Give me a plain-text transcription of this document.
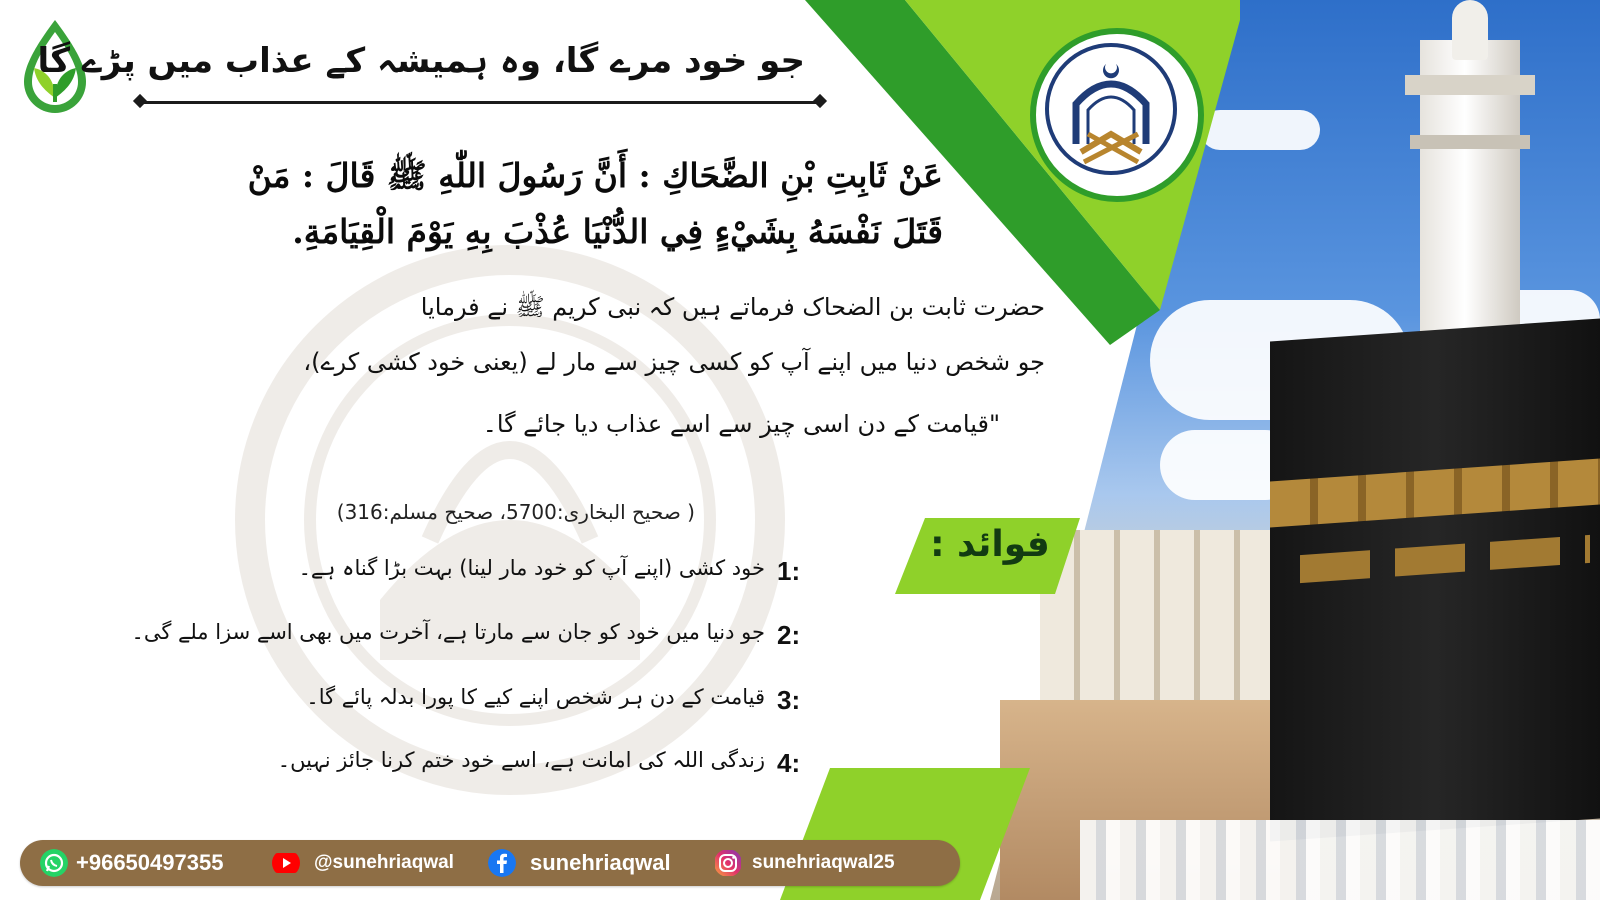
جو خود مرے گا، وہ ہمیشہ کے عذاب میں پڑے گا
عَنْ ثَابِتِ بْنِ الضَّحَاكِ : أَنَّ رَسُولَ اللّٰهِ ﷺ قَالَ : مَنْ
قَتَلَ نَفْسَهُ بِشَيْءٍ فِي الدُّنْيَا عُذْبَ بِهِ يَوْمَ الْقِيَامَةِ.
حضرت ثابت بن الضحاک فرماتے ہیں کہ نبی کریم ﷺ نے فرمایا
جو شخص دنیا میں اپنے آپ کو کسی چیز سے مار لے (یعنی خود کشی کرے)،
"قیامت کے دن اسی چیز سے اسے عذاب دیا جائے گا۔
( صحیح البخاری:5700، صحیح مسلم:316)
فوائد :
1:
خود کشی (اپنے آپ کو خود مار لینا) بہت بڑا گناہ ہے۔
2:
جو دنیا میں خود کو جان سے مارتا ہے، آخرت میں بھی اسے سزا ملے گی۔
3:
قیامت کے دن ہر شخص اپنے کیے کا پورا بدلہ پائے گا۔
4:
زندگی اللہ کی امانت ہے، اسے خود ختم کرنا جائز نہیں۔
+96650497355	@sunehriaqwal	sunehriaqwal	sunehriaqwal25
